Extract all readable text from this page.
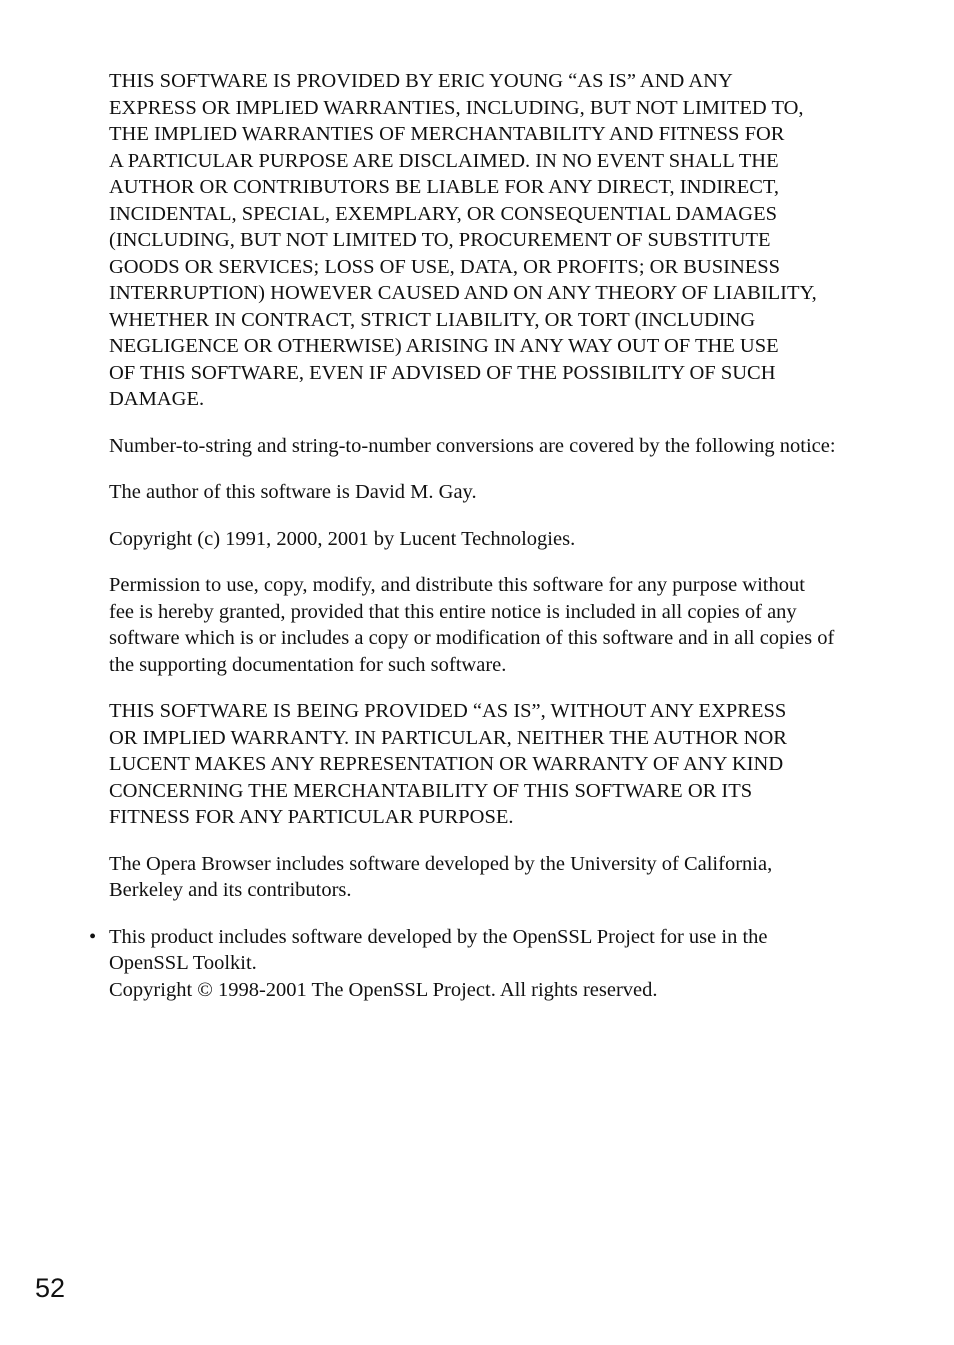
THIS SOFTWARE IS PROVIDED BY ERIC YOUNG “AS IS” AND ANY
EXPRESS OR IMPLIED WARRANTIES, INCLUDING, BUT NOT LIMITED TO,
THE IMPLIED WARRANTIES OF MERCHANTABILITY AND FITNESS FOR
A PARTICULAR PURPOSE ARE DISCLAIMED. IN NO EVENT SHALL THE
AUTHOR OR CONTRIBUTORS BE LIABLE FOR ANY DIRECT, INDIRECT,
INCIDENTAL, SPECIAL, EXEMPLARY, OR CONSEQUENTIAL DAMAGES
(INCLUDING, BUT NOT LIMITED TO, PROCUREMENT OF SUBSTITUTE
GOODS OR SERVICES; LOSS OF USE, DATA, OR PROFITS; OR BUSINESS
INTERRUPTION) HOWEVER CAUSED AND ON ANY THEORY OF LIABILITY,
WHETHER IN CONTRACT, STRICT LIABILITY, OR TORT (INCLUDING
NEGLIGENCE OR OTHERWISE) ARISING IN ANY WAY OUT OF THE USE
OF THIS SOFTWARE, EVEN IF ADVISED OF THE POSSIBILITY OF SUCH
DAMAGE.
Number-to-string and string-to-number conversions are covered by the following notice:
The author of this software is David M. Gay.
Copyright (c) 1991, 2000, 2001 by Lucent Technologies.
Permission to use, copy, modify, and distribute this software for any purpose without
fee is hereby granted, provided that this entire notice is included in all copies of any
software which is or includes a copy or modification of this software and in all copies of
the supporting documentation for such software.
THIS SOFTWARE IS BEING PROVIDED “AS IS”, WITHOUT ANY EXPRESS
OR IMPLIED WARRANTY. IN PARTICULAR, NEITHER THE AUTHOR NOR
LUCENT MAKES ANY REPRESENTATION OR WARRANTY OF ANY KIND
CONCERNING THE MERCHANTABILITY OF THIS SOFTWARE OR ITS
FITNESS FOR ANY PARTICULAR PURPOSE.
The Opera Browser includes software developed by the University of California,
Berkeley and its contributors.
• This product includes software developed by the OpenSSL Project for use in the
OpenSSL Toolkit.
Copyright © 1998-2001 The OpenSSL Project. All rights reserved.
52
